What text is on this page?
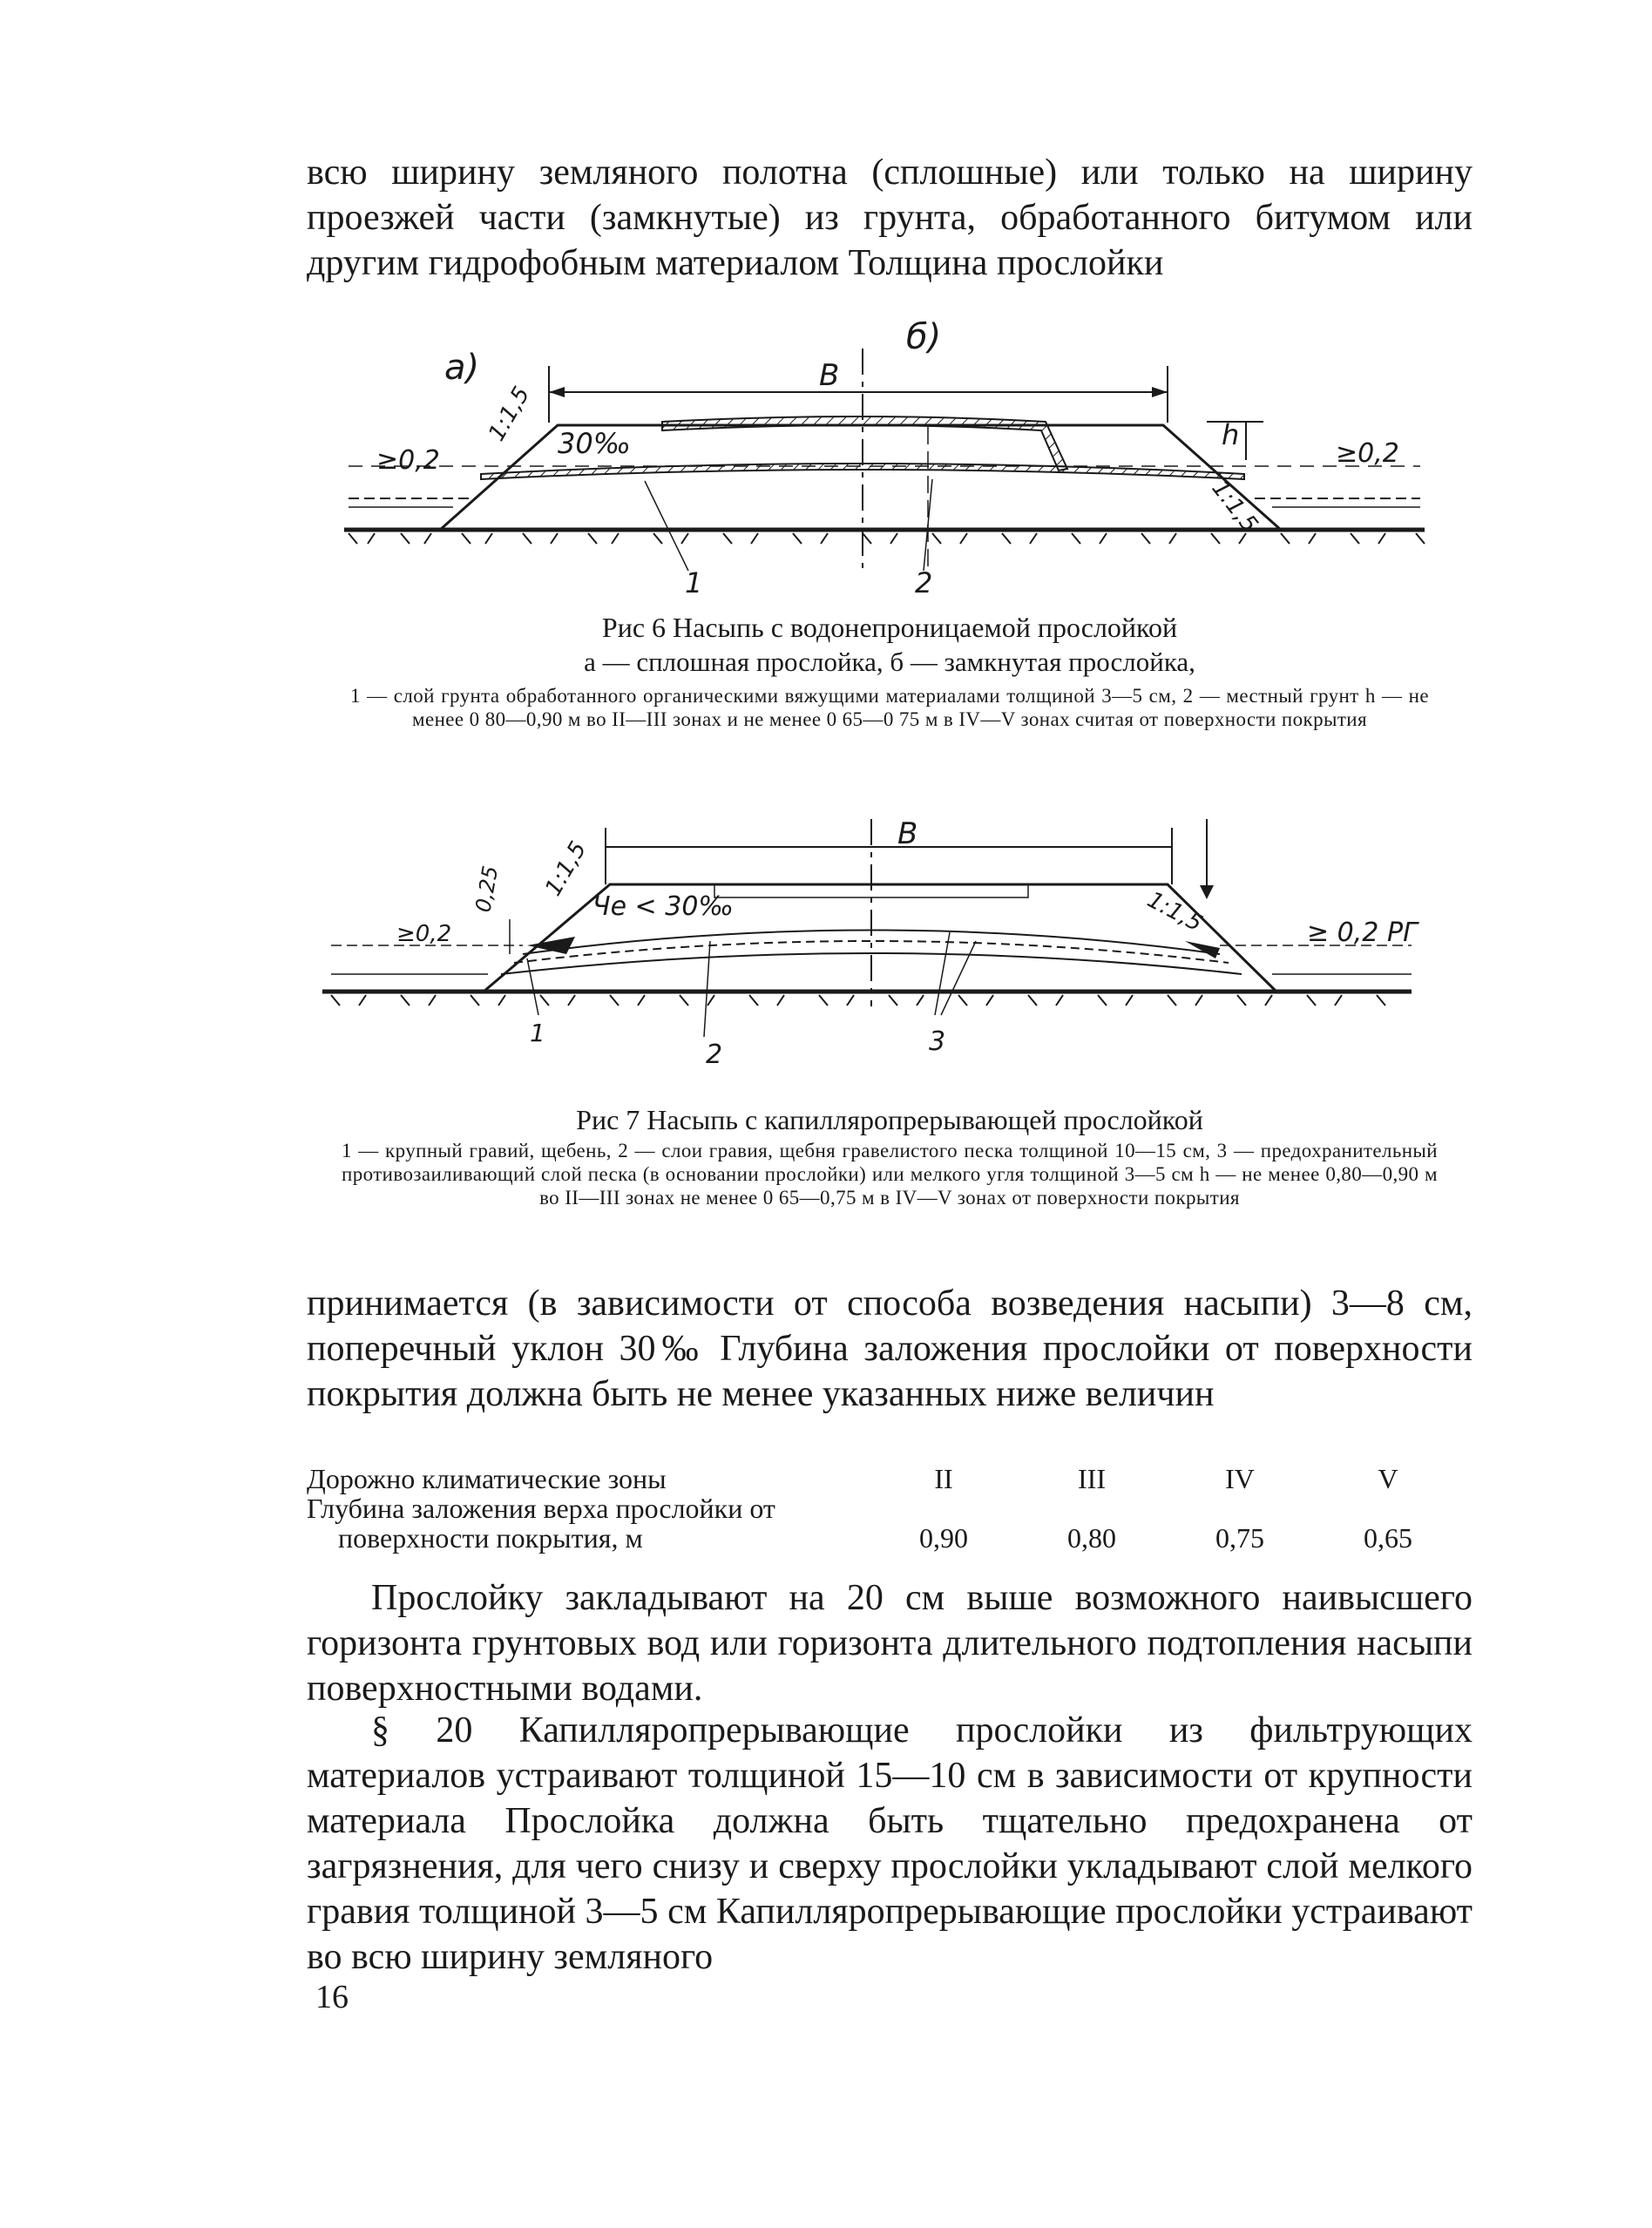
всю ширину земляного полотна (сплошные) или только на ширину проезжей части (замкнутые) из грунта, обработанного битумом или другим гидрофобным материалом Толщина прослойки
а)
б)
В
h
1:1,5
1:1,5
30‰
≥0,2	≥0,2
1	2
Рис 6 Насыпь с водонепроницаемой прослойкой
а — сплошная прослойка, б — замкнутая прослойка,
1 — слой грунта обработанного органическими вяжущими материалами толщиной 3—5 см, 2 — местный грунт h — не менее 0 80—0,90 м во II—III зонах и не менее 0 65—0 75 м в IV—V зонах считая от поверхности покрытия
В
1:1,5
1:1,5
0,25	Че < 30‰
≥0,2	≥ 0,2 РГ
1
2	3
Рис 7 Насыпь с капилляропрерывающей прослойкой
1 — крупный гравий, щебень, 2 — слои гравия, щебня гравелистого песка толщиной 10—15 см, 3 — предохранительный противозаиливающий слой песка (в основании прослойки) или мелкого угля толщиной 3—5 см h — не менее 0,80—0,90 м во II—III зонах не менее 0 65—0,75 м в IV—V зонах от поверхности покрытия
принимается (в зависимости от способа возведения насыпи) 3—8 см, поперечный уклон 30‰ Глубина заложения прослойки от поверхности покрытия должна быть не менее указанных ниже величин
Дорожно климатические зоны	II	III	IV	V

Глубина заложения верха прослойки от
поверхности покрытия, м	0,90	0,80	0,75	0,65
Прослойку закладывают на 20 см выше возможного наивысшего горизонта грунтовых вод или горизонта длительного подтопления насыпи поверхностными водами.
§ 20 Капилляропрерывающие прослойки из фильтрующих материалов устраивают толщиной 15—10 см в зависимости от крупности материала Прослойка должна быть тщательно предохранена от загрязнения, для чего снизу и сверху прослойки укладывают слой мелкого гравия толщиной 3—5 см Капилляропрерывающие прослойки устраивают во всю ширину земляного
16
